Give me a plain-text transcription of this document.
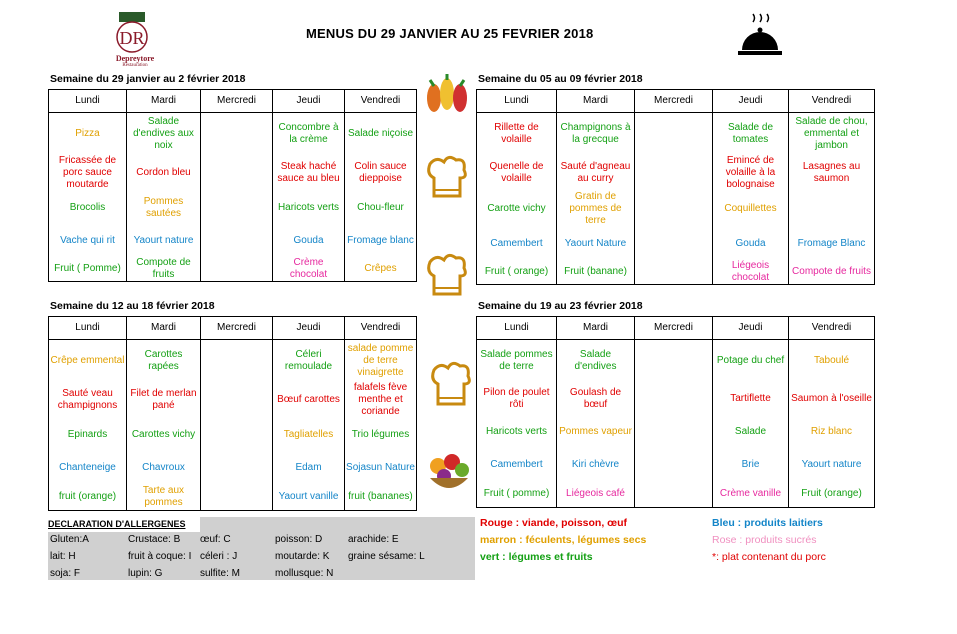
DR
Depreytore
Restauration
MENUS DU 29 JANVIER AU 25 FEVRIER 2018
Semaine du 29 janvier au 2 février 2018	Semaine du 05 au 09 février 2018
Semaine du 12 au 18 février 2018	Semaine du 19 au 23 février 2018
Lundi	Mardi	Mercredi	Jeudi	Vendredi
Pizza	Salade d'endives aux noix		Concombre à la crème	Salade niçoise
Fricassée de porc sauce moutarde	Cordon bleu		Steak haché sauce au bleu	Colin sauce dieppoise
Brocolis	Pommes sautées		Haricots verts	Chou-fleur
Vache qui rit	Yaourt nature		Gouda	Fromage blanc
Fruit ( Pomme)	Compote de fruits		Crème chocolat	Crêpes
Lundi	Mardi	Mercredi	Jeudi	Vendredi
Rillette de volaille	Champignons à la grecque		Salade de tomates	Salade de chou, emmental et jambon
Quenelle de volaille	Sauté d'agneau au curry		Emincé de volaille à la bolognaise	Lasagnes au saumon
Carotte vichy	Gratin de pommes de terre		Coquillettes	
Camembert	Yaourt Nature		Gouda	Fromage Blanc
Fruit ( orange)	Fruit (banane)		Liégeois chocolat	Compote de fruits
Lundi	Mardi	Mercredi	Jeudi	Vendredi
Crêpe emmental	Carottes rapées		Céleri remoulade	salade pomme de terre vinaigrette
Sauté veau champignons	Filet de merlan pané		Bœuf carottes	falafels fève menthe et coriande
Epinards	Carottes vichy		Tagliatelles	Trio légumes
Chanteneige	Chavroux		Edam	Sojasun Nature
fruit (orange)	Tarte aux pommes		Yaourt vanille	fruit (bananes)
Lundi	Mardi	Mercredi	Jeudi	Vendredi
Salade pommes de terre	Salade d'endives		Potage du chef	Taboulé
Pilon de poulet rôti	Goulash de bœuf		Tartiflette	Saumon à l'oseille
Haricots verts	Pommes vapeur		Salade	Riz blanc
Camembert	Kiri chèvre		Brie	Yaourt nature
Fruit ( pomme)	Liégeois café		Crème vanille	Fruit (orange)
DECLARATION D'ALLERGENES
Gluten:A	Crustace: B œuf: C	poisson: D	arachide: E
lait: H	fruit à coque: I céleri : J	moutarde: K graine sésame: L
soja: F	lupin: G	sulfite: M	mollusque: N
Rouge : viande, poisson, œuf
marron : féculents, légumes secs
vert : légumes et fruits
Bleu : produits laitiers
Rose : produits sucrés
*: plat contenant du porc
